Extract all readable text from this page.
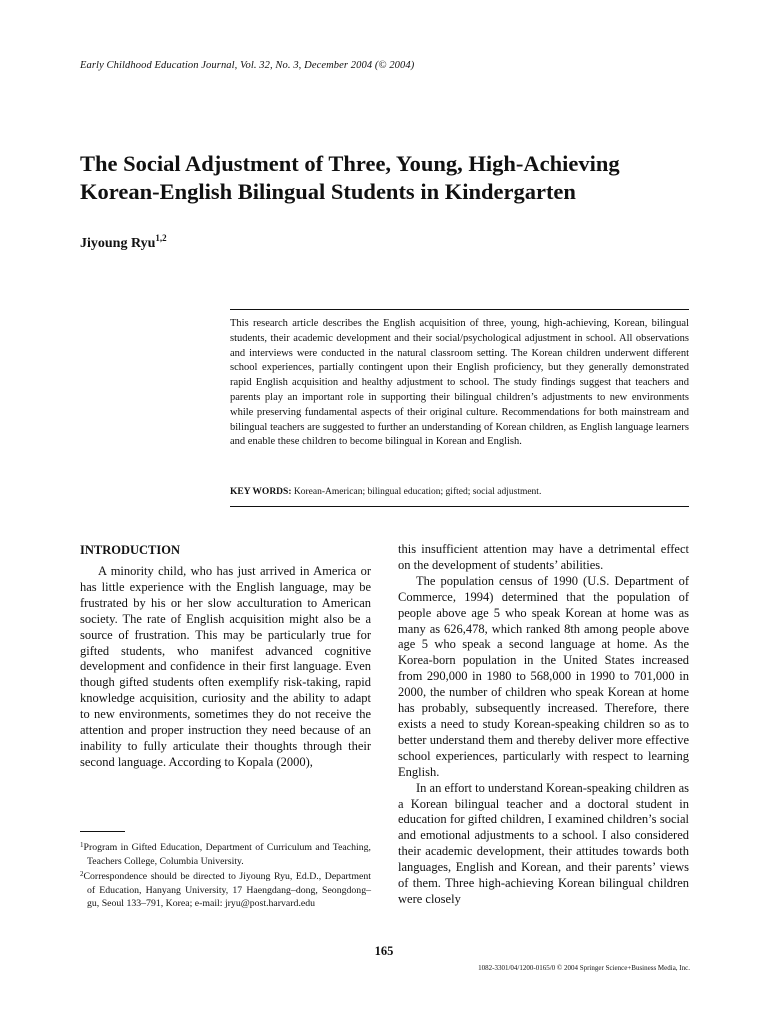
Early Childhood Education Journal, Vol. 32, No. 3, December 2004 (© 2004)
The Social Adjustment of Three, Young, High-Achieving
Korean-English Bilingual Students in Kindergarten
Jiyoung Ryu$^{1,2}$

This research article describes the English acquisition of three, young, high-achieving, Korean, bilingual students, their academic development and their social/psychological adjustment in school. All observations and interviews were conducted in the natural classroom setting. The Korean children underwent different school experiences, partially contingent upon their English proficiency, but they generally demonstrated rapid English acquisition and healthy adjustment to school. The study findings suggest that teachers and parents play an important role in supporting their bilingual children’s adjustments to new environments while preserving fundamental aspects of their original culture. Recommendations for both mainstream and bilingual teachers are suggested to further an understanding of Korean children, as English language learners and enable these children to become bilingual in Korean and English.

KEY WORDS: Korean-American; bilingual education; gifted; social adjustment.
INTRODUCTION

A minority child, who has just arrived in America or has little experience with the English language, may be frustrated by his or her slow acculturation to American society. The rate of English acquisition might also be a source of frustration. This may be particularly true for gifted students, who manifest advanced cognitive development and confidence in their first language. Even though gifted students often exemplify risk-taking, rapid knowledge acquisition, curiosity and the ability to adapt to new environments, sometimes they do not receive the attention and proper instruction they need because of an inability to fully articulate their thoughts through their second language. According to Kopala (2000),

this insufficient attention may have a detrimental effect on the development of students’ abilities.

The population census of 1990 (U.S. Department of Commerce, 1994) determined that the population of people above age 5 who speak Korean at home was as many as 626,478, which ranked 8th among people above age 5 who speak a second language at home. As the Korea-born population in the United States increased from 290,000 in 1980 to 568,000 in 1990 to 701,000 in 2000, the number of children who speak Korean at home has probably, subsequently increased. Therefore, there exists a need to study Korean-speaking children so as to better understand them and thereby deliver more effective school experiences, particularly with respect to learning English.

In an effort to understand Korean-speaking children as a Korean bilingual teacher and a doctoral student in education for gifted children, I examined children’s social and emotional adjustments to a school. I also considered their academic development, their attitudes towards both languages, English and Korean, and their parents’ views of them. Three high-achieving Korean bilingual children were closely

$^1$Program in Gifted Education, Department of Curriculum and Teaching, Teachers College, Columbia University.

$^2$Correspondence should be directed to Jiyoung Ryu, Ed.D., Department of Education, Hanyang University, 17 Haengdang–dong, Seongdong–gu, Seoul 133–791, Korea; e-mail: jryu@post.harvard.edu

165
1082-3301/04/1200-0165/0 © 2004 Springer Science+Business Media, Inc.
